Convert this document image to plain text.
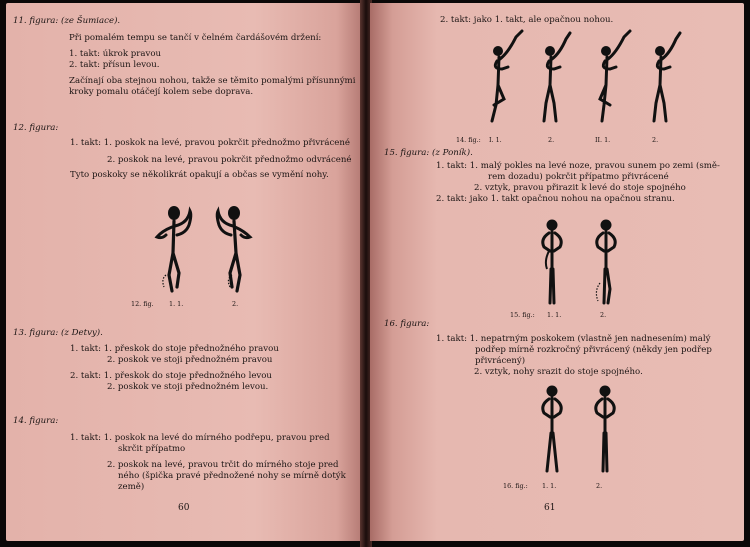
11. figura: (ze Šumiace).
Při pomalém tempu se tančí v čelném čardášovém držení:
1. takt: úkrok pravou
2. takt: přísun levou.
Začínají oba stejnou nohou, takže se těmito pomalými přísunnými
kroky pomalu otáčejí kolem sebe doprava.
12. figura:
1. takt: 1. poskok na levé, pravou pokrčit přednožmo přivrácené
2. poskok na levé, pravou pokrčit přednožmo odvrácené
Tyto poskoky se několikrát opakují a občas se vymění nohy.
12. fig. 1. 1.	2.
13. figura: (z Detvy).
1. takt: 1. přeskok do stoje přednožného pravou
2. poskok ve stoji přednožném pravou
2. takt: 1. přeskok do stoje přednožného levou
2. poskok ve stoji přednožném levou.
14. figura:
1. takt: 1. poskok na levé do mírného podřepu, pravou pred
skrčit přípatmo
2. poskok na levé, pravou trčit do mírného stoje pred
ného (špička pravé přednožené nohy se mírně dotýk
země)
60
2. takt: jako 1. takt, ale opačnou nohou.
14. fig.: I. 1.	2.	II. 1.	2.
15. figura: (z Poník).
1. takt: 1. malý pokles na levé noze, pravou sunem po zemi (smě-
rem dozadu) pokrčit přípatmo přivrácené
2. vztyk, pravou přirazit k levé do stoje spojného
2. takt: jako 1. takt opačnou nohou na opačnou stranu.
15. fig.: 1. 1.	2.
16. figura:
1. takt: 1. nepatrným poskokem (vlastně jen nadnesením) malý
podřep mírně rozkročný přivrácený (někdy jen podřep
přivrácený)
2. vztyk, nohy srazit do stoje spojného.
16. fig.: 1. 1.	2.
61
